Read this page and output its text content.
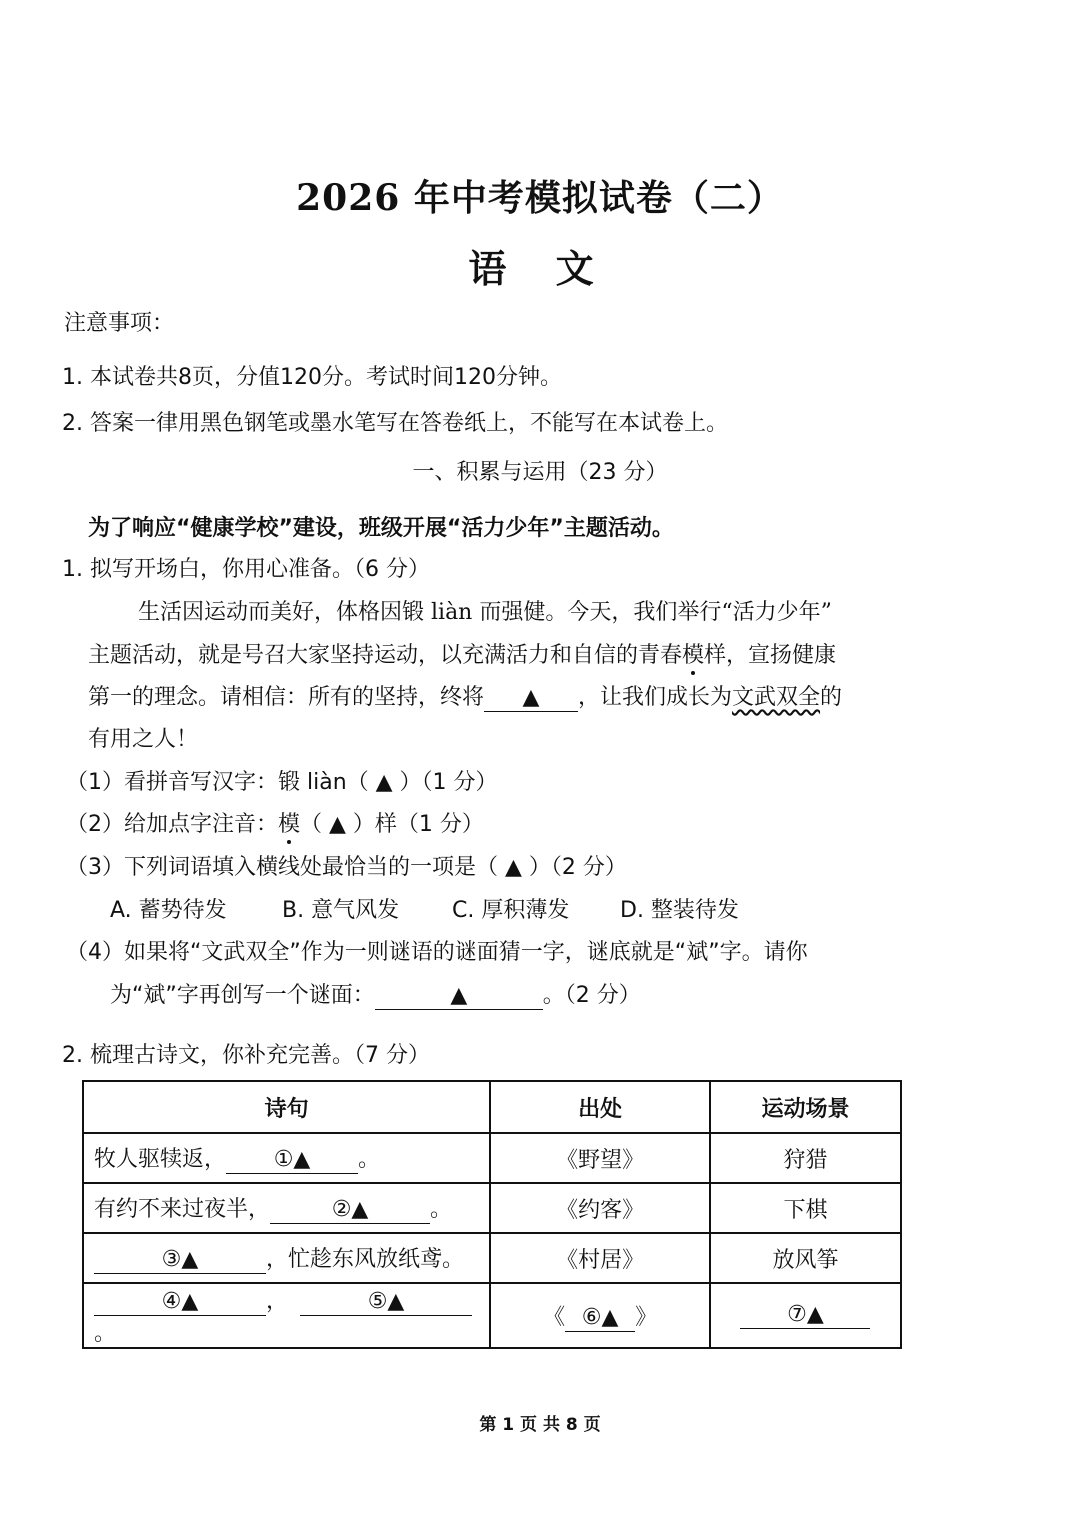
2026 年中考模拟试卷（二）
语 文
注意事项：
1. 本试卷共8页，分值120分。考试时间120分钟。
2. 答案一律用黑色钢笔或墨水笔写在答卷纸上，不能写在本试卷上。
一、积累与运用（23 分）
为了响应“健康学校”建设，班级开展“活力少年”主题活动。
1. 拟写开场白，你用心准备。（6 分）
生活因运动而美好，体格因锻 liàn 而强健。今天，我们举行“活力少年”
主题活动，就是号召大家坚持运动，以充满活力和自信的青春模样，宣扬健康
第一的理念。请相信：所有的坚持，终将 ▲ ，让我们成长为文武双全的
有用之人！
（1）看拼音写汉字：锻 liàn（ ▲ ）（1 分）
（2）给加点字注音：模（ ▲ ）样（1 分）
（3）下列词语填入横线处最恰当的一项是（ ▲ ）（2 分）
A. 蓄势待发	B. 意气风发 C. 厚积薄发 D. 整装待发
（4）如果将“文武双全”作为一则谜语的谜面猜一字，谜底就是“斌”字。请你
为“斌”字再创写一个谜面：	▲	。（2 分）
2. 梳理古诗文，你补充完善。（7 分）
诗句	出处	运动场景
牧人驱犊返， ①▲ 。	《野望》	狩猎
有约不来过夜半， ②▲ 。	《约客》	下棋
③▲ ，忙趁东风放纸鸢。	《村居》	放风筝
④▲ ， ⑤▲。	《 ⑥▲ 》	⑦▲
第 1 页 共 8 页
